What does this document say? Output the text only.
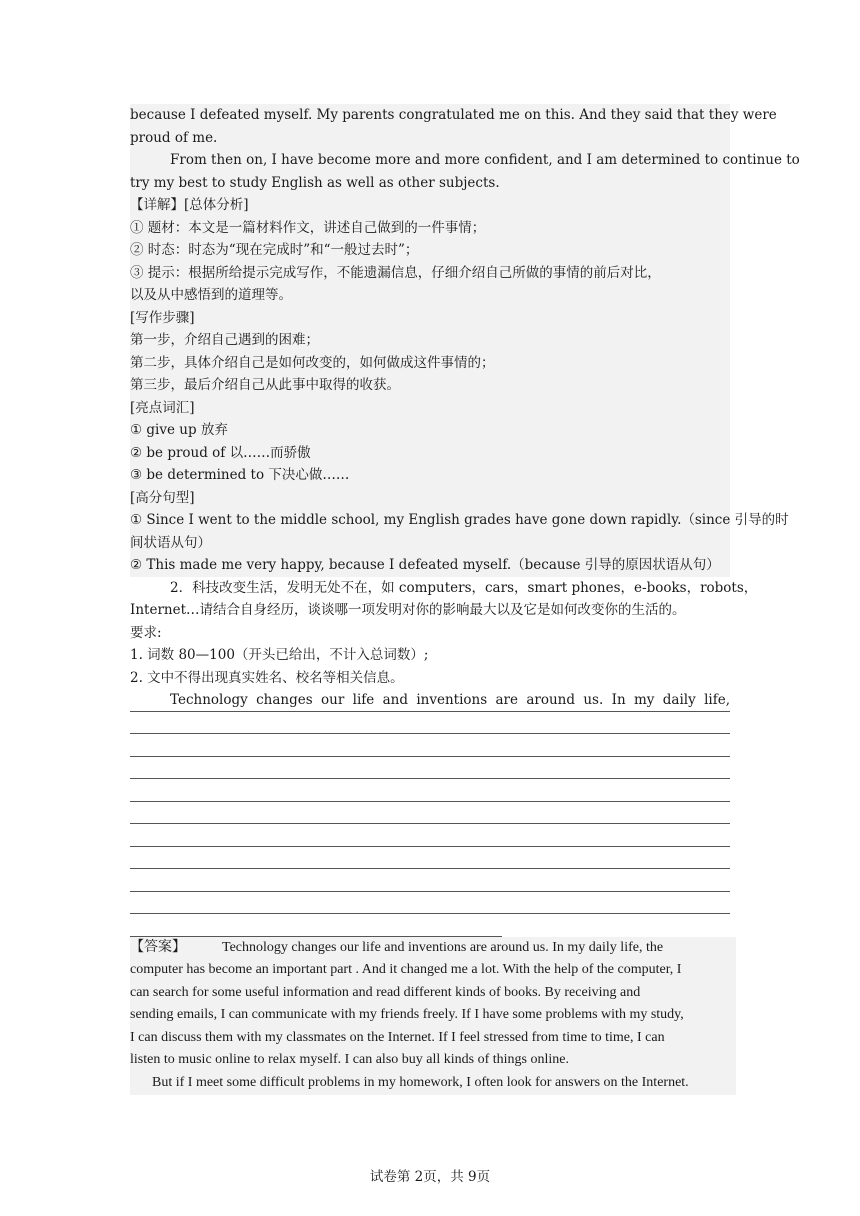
because I defeated myself. My parents congratulated me on this. And they said that they were
proud of me.
From then on, I have become more and more confident, and I am determined to continue to
try my best to study English as well as other subjects.
【详解】[总体分析]
① 题材：本文是一篇材料作文，讲述自己做到的一件事情；
② 时态：时态为“现在完成时”和“一般过去时”；
③ 提示：根据所给提示完成写作，不能遗漏信息，仔细介绍自己所做的事情的前后对比，
以及从中感悟到的道理等。
[写作步骤]
第一步，介绍自己遇到的困难；
第二步，具体介绍自己是如何改变的，如何做成这件事情的；
第三步，最后介绍自己从此事中取得的收获。
[亮点词汇]
① give up 放弃
② be proud of 以……而骄傲
③ be determined to 下决心做……
[高分句型]
① Since I went to the middle school, my English grades have gone down rapidly.（since 引导的时
间状语从句）
② This made me very happy, because I defeated myself.（because 引导的原因状语从句）
2．科技改变生活，发明无处不在，如 computers，cars，smart phones，e-books，robots，
Internet…请结合自身经历，谈谈哪一项发明对你的影响最大以及它是如何改变你的生活的。
要求:
1. 词数 80—100（开头已给出，不计入总词数）;
2. 文中不得出现真实姓名、校名等相关信息。
Technology changes our life and inventions are around us. In my daily life,
【答案】	Technology changes our life and inventions are around us. In my daily life, the
computer has become an important part . And it changed me a lot. With the help of the computer, I
can search for some useful information and read different kinds of books. By receiving and
sending emails, I can communicate with my friends freely. If I have some problems with my study,
I can discuss them with my classmates on the Internet. If I feel stressed from time to time, I can
listen to music online to relax myself. I can also buy all kinds of things online.
But if I meet some difficult problems in my homework, I often look for answers on the Internet.
试卷第 2页，共 9页
